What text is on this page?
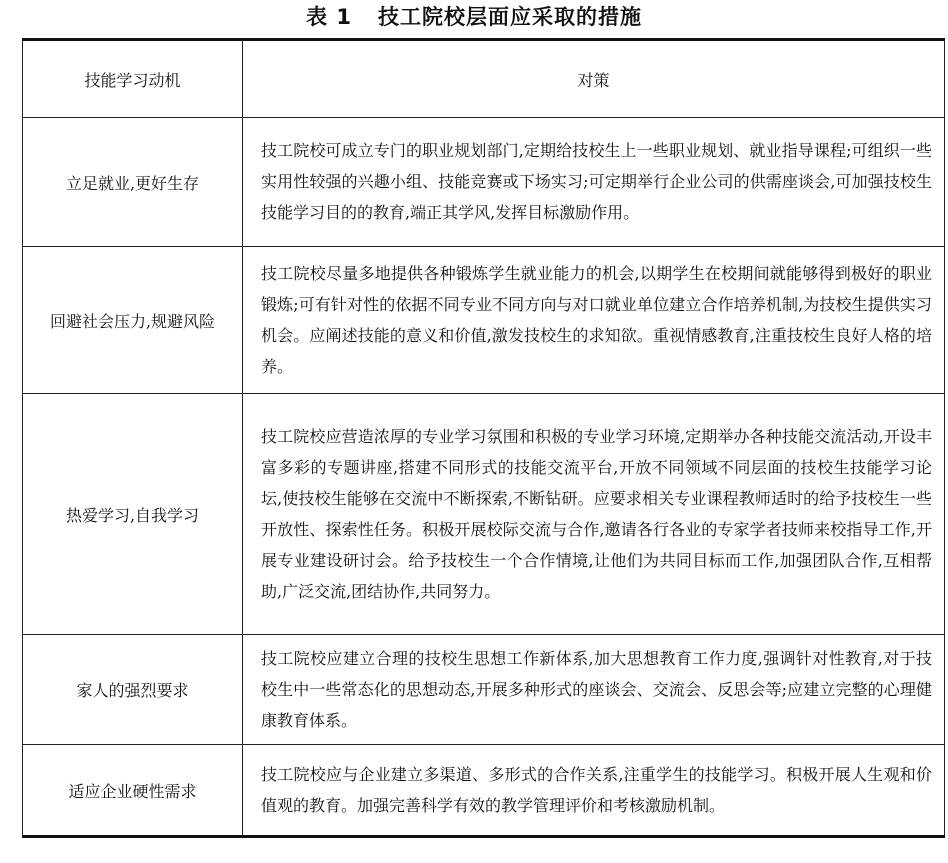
表 1 技工院校层面应采取的措施
技能学习动机	对策
立足就业,更好生存	技工院校可成立专门的职业规划部门,定期给技校生上一些职业规划、就业指导课程;可组织一些实用性较强的兴趣小组、技能竞赛或下场实习;可定期举行企业公司的供需座谈会,可加强技校生技能学习目的的教育,端正其学风,发挥目标激励作用。
回避社会压力,规避风险	技工院校尽量多地提供各种锻炼学生就业能力的机会,以期学生在校期间就能够得到极好的职业锻炼;可有针对性的依据不同专业不同方向与对口就业单位建立合作培养机制,为技校生提供实习机会。应阐述技能的意义和价值,激发技校生的求知欲。重视情感教育,注重技校生良好人格的培养。
热爱学习,自我学习	技工院校应营造浓厚的专业学习氛围和积极的专业学习环境,定期举办各种技能交流活动,开设丰富多彩的专题讲座,搭建不同形式的技能交流平台,开放不同领域不同层面的技校生技能学习论坛,使技校生能够在交流中不断探索,不断钻研。应要求相关专业课程教师适时的给予技校生一些开放性、探索性任务。积极开展校际交流与合作,邀请各行各业的专家学者技师来校指导工作,开展专业建设研讨会。给予技校生一个合作情境,让他们为共同目标而工作,加强团队合作,互相帮助,广泛交流,团结协作,共同努力。
家人的强烈要求	技工院校应建立合理的技校生思想工作新体系,加大思想教育工作力度,强调针对性教育,对于技校生中一些常态化的思想动态,开展多种形式的座谈会、交流会、反思会等;应建立完整的心理健康教育体系。
适应企业硬性需求	技工院校应与企业建立多渠道、多形式的合作关系,注重学生的技能学习。积极开展人生观和价值观的教育。加强完善科学有效的教学管理评价和考核激励机制。
